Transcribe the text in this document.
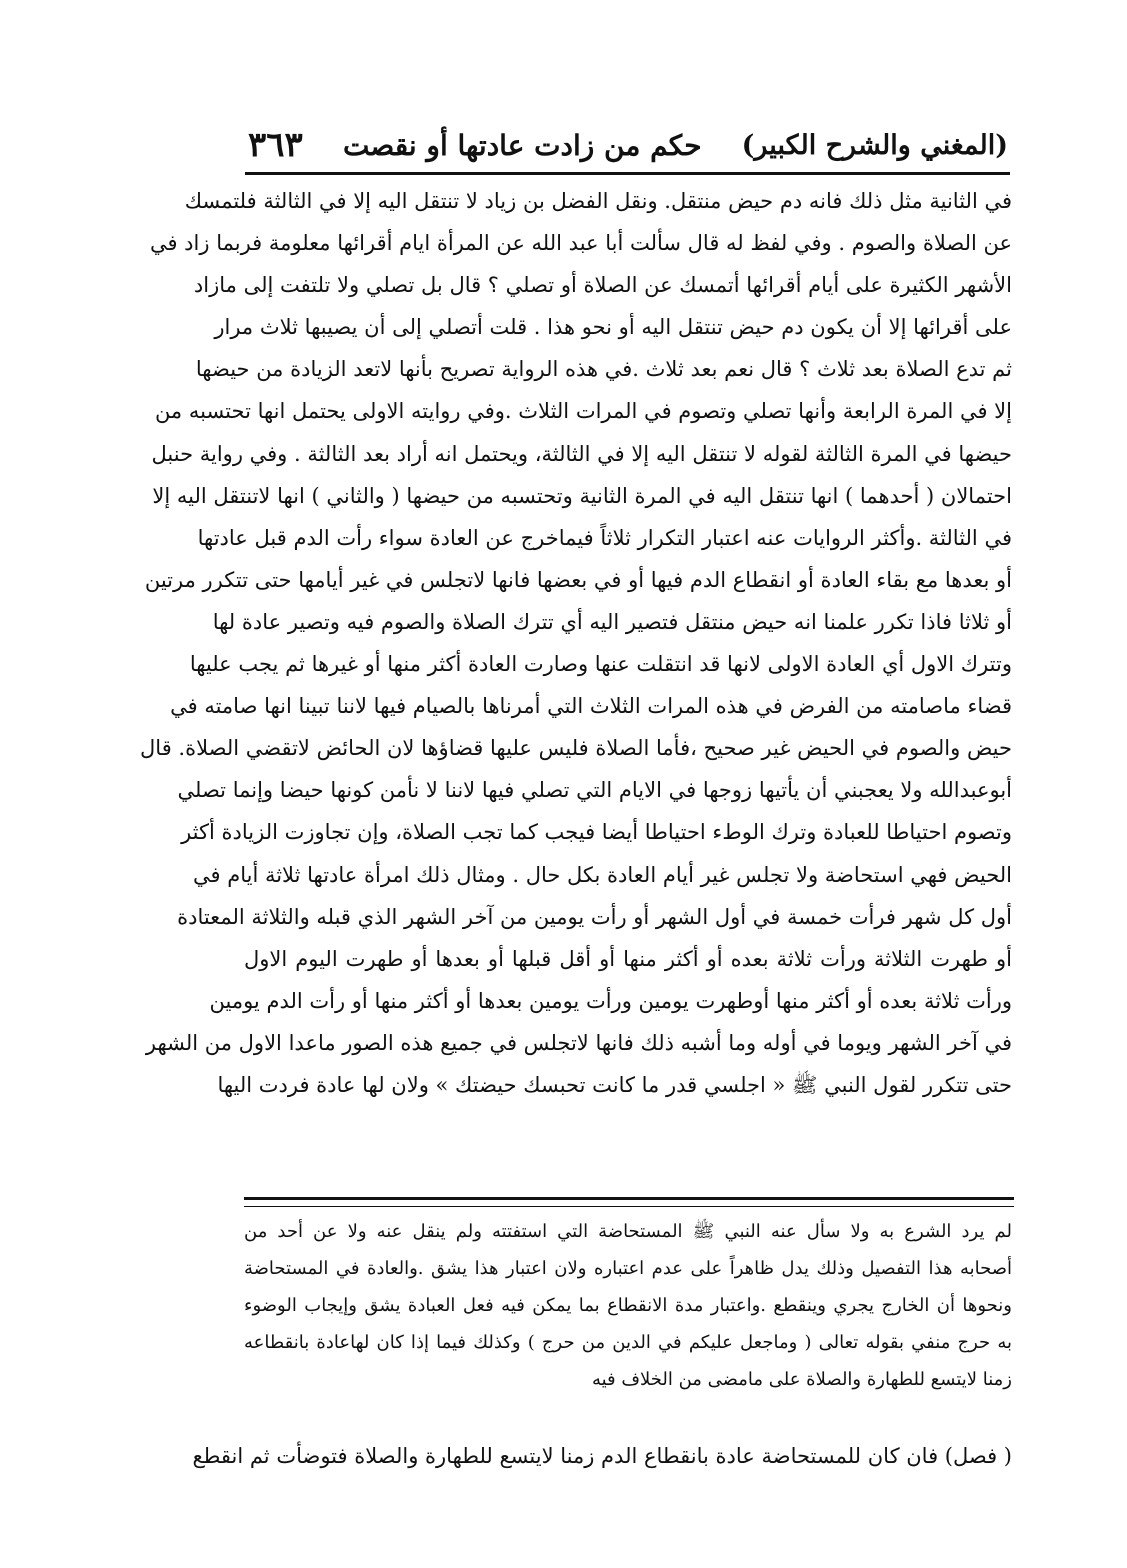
(المغني والشرح الكبير)
حكم من زادت عادتها أو نقصت
٣٦٣
في الثانية مثل ذلك فانه دم حيض منتقل. ونقل الفضل بن زياد لا تنتقل اليه إلا في الثالثة فلتمسك
عن الصلاة والصوم . وفي لفظ له قال سألت أبا عبد الله عن المرأة ايام أقرائها معلومة فربما زاد في
الأشهر الكثيرة على أيام أقرائها أتمسك عن الصلاة أو تصلي ؟ قال بل تصلي ولا تلتفت إلى مازاد
على أقرائها إلا أن يكون دم حيض تنتقل اليه أو نحو هذا . قلت أتصلي إلى أن يصيبها ثلاث مرار
ثم تدع الصلاة بعد ثلاث ؟ قال نعم بعد ثلاث .في هذه الرواية تصريح بأنها لاتعد الزيادة من حيضها
إلا في المرة الرابعة وأنها تصلي وتصوم في المرات الثلاث .وفي روايته الاولى يحتمل انها تحتسبه من
حيضها في المرة الثالثة لقوله لا تنتقل اليه إلا في الثالثة، ويحتمل انه أراد بعد الثالثة . وفي رواية حنبل
احتمالان ( أحدهما ) انها تنتقل اليه في المرة الثانية وتحتسبه من حيضها ( والثاني ) انها لاتنتقل اليه إلا
في الثالثة .وأكثر الروايات عنه اعتبار التكرار ثلاثاً فيماخرج عن العادة سواء رأت الدم قبل عادتها
أو بعدها مع بقاء العادة أو انقطاع الدم فيها أو في بعضها فانها لاتجلس في غير أيامها حتى تتكرر مرتين
أو ثلاثا فاذا تكرر علمنا انه حيض منتقل فتصير اليه أي تترك الصلاة والصوم فيه وتصير عادة لها
وتترك الاول أي العادة الاولى لانها قد انتقلت عنها وصارت العادة أكثر منها أو غيرها ثم يجب عليها
قضاء ماصامته من الفرض في هذه المرات الثلاث التي أمرناها بالصيام فيها لاننا تبينا انها صامته في
حيض والصوم في الحيض غير صحيح ،فأما الصلاة فليس عليها قضاؤها لان الحائض لاتقضي الصلاة. قال
أبوعبدالله ولا يعجبني أن يأتيها زوجها في الايام التي تصلي فيها لاننا لا نأمن كونها حيضا وإنما تصلي
وتصوم احتياطا للعبادة وترك الوطء احتياطا أيضا فيجب كما تجب الصلاة، وإن تجاوزت الزيادة أكثر
الحيض فهي استحاضة ولا تجلس غير أيام العادة بكل حال . ومثال ذلك امرأة عادتها ثلاثة أيام في
أول كل شهر فرأت خمسة في أول الشهر أو رأت يومين من آخر الشهر الذي قبله والثلاثة المعتادة
أو طهرت الثلاثة ورأت ثلاثة بعده أو أكثر منها أو أقل قبلها أو بعدها أو طهرت اليوم الاول
ورأت ثلاثة بعده أو أكثر منها أوطهرت يومين ورأت يومين بعدها أو أكثر منها أو رأت الدم يومين
في آخر الشهر ويوما في أوله وما أشبه ذلك فانها لاتجلس في جميع هذه الصور ماعدا الاول من الشهر
حتى تتكرر لقول النبي ﷺ « اجلسي قدر ما كانت تحبسك حيضتك » ولان لها عادة فردت اليها
لم يرد الشرع به ولا سأل عنه النبي ﷺ المستحاضة التي استفتته ولم ينقل عنه ولا عن أحد من
أصحابه هذا التفصيل وذلك يدل ظاهراً على عدم اعتباره ولان اعتبار هذا يشق .والعادة في المستحاضة
ونحوها أن الخارج يجري وينقطع .واعتبار مدة الانقطاع بما يمكن فيه فعل العبادة يشق وإيجاب الوضوء
به حرج منفي بقوله تعالى ( وماجعل عليكم في الدين من حرج ) وكذلك فيما إذا كان لهاعادة بانقطاعه
زمنا لايتسع للطهارة والصلاة على مامضى من الخلاف فيه
( فصل) فان كان للمستحاضة عادة بانقطاع الدم زمنا لايتسع للطهارة والصلاة فتوضأت ثم انقطع
